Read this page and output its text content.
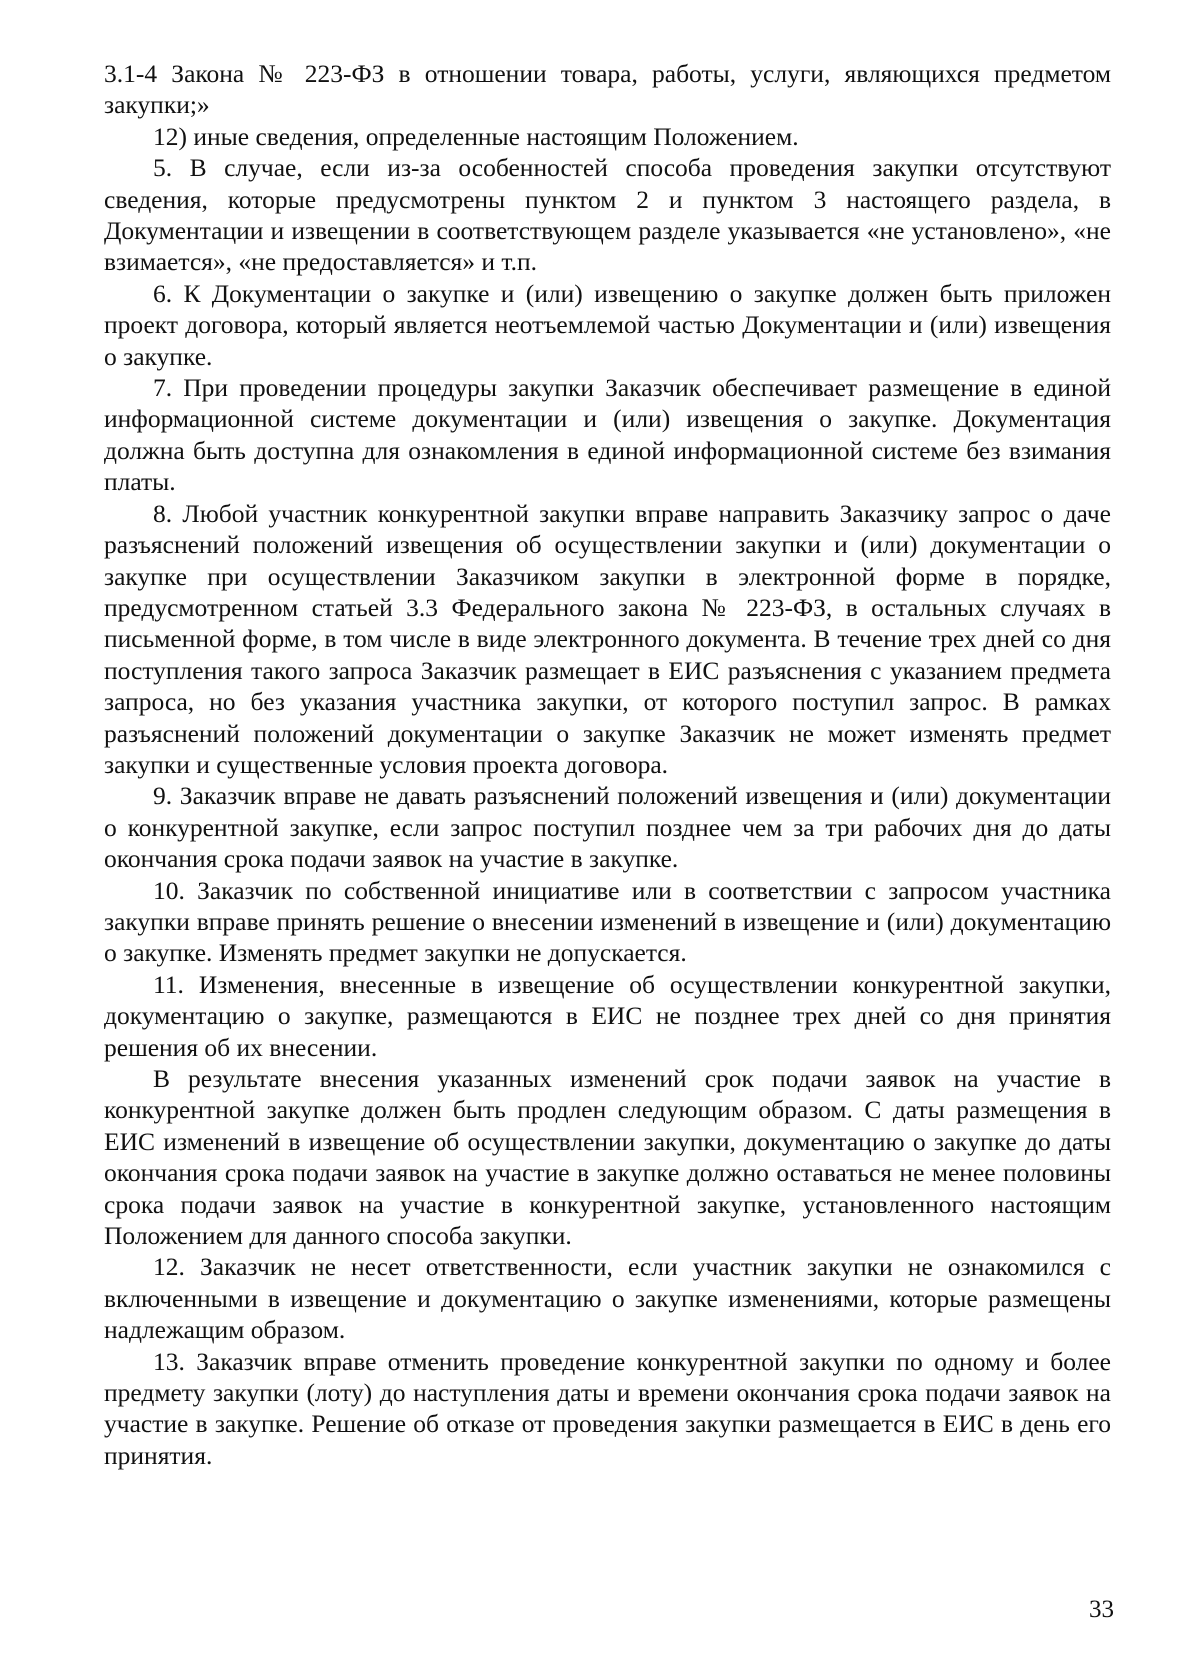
3.1-4 Закона № 223-ФЗ в отношении товара, работы, услуги, являющихся предметом закупки;»

12) иные сведения, определенные настоящим Положением.

5. В случае, если из-за особенностей способа проведения закупки отсутствуют сведения, которые предусмотрены пунктом 2 и пунктом 3 настоящего раздела, в Документации и извещении в соответствующем разделе указывается «не установлено», «не взимается», «не предоставляется» и т.п.

6. К Документации о закупке и (или) извещению о закупке должен быть приложен проект договора, который является неотъемлемой частью Документации и (или) извещения о закупке.

7. При проведении процедуры закупки Заказчик обеспечивает размещение в единой информационной системе документации и (или) извещения о закупке. Документация должна быть доступна для ознакомления в единой информационной системе без взимания платы.

8. Любой участник конкурентной закупки вправе направить Заказчику запрос о даче разъяснений положений извещения об осуществлении закупки и (или) документации о закупке при осуществлении Заказчиком закупки в электронной форме в порядке, предусмотренном статьей 3.3 Федерального закона № 223-ФЗ, в остальных случаях в письменной форме, в том числе в виде электронного документа. В течение трех дней со дня поступления такого запроса Заказчик размещает в ЕИС разъяснения с указанием предмета запроса, но без указания участника закупки, от которого поступил запрос. В рамках разъяснений положений документации о закупке Заказчик не может изменять предмет закупки и существенные условия проекта договора.

9. Заказчик вправе не давать разъяснений положений извещения и (или) документации о конкурентной закупке, если запрос поступил позднее чем за три рабочих дня до даты окончания срока подачи заявок на участие в закупке.

10. Заказчик по собственной инициативе или в соответствии с запросом участника закупки вправе принять решение о внесении изменений в извещение и (или) документацию о закупке. Изменять предмет закупки не допускается.

11. Изменения, внесенные в извещение об осуществлении конкурентной закупки, документацию о закупке, размещаются в ЕИС не позднее трех дней со дня принятия решения об их внесении.

В результате внесения указанных изменений срок подачи заявок на участие в конкурентной закупке должен быть продлен следующим образом. С даты размещения в ЕИС изменений в извещение об осуществлении закупки, документацию о закупке до даты окончания срока подачи заявок на участие в закупке должно оставаться не менее половины срока подачи заявок на участие в конкурентной закупке, установленного настоящим Положением для данного способа закупки.

12. Заказчик не несет ответственности, если участник закупки не ознакомился с включенными в извещение и документацию о закупке изменениями, которые размещены надлежащим образом.

13. Заказчик вправе отменить проведение конкурентной закупки по одному и более предмету закупки (лоту) до наступления даты и времени окончания срока подачи заявок на участие в закупке. Решение об отказе от проведения закупки размещается в ЕИС в день его принятия.

33
